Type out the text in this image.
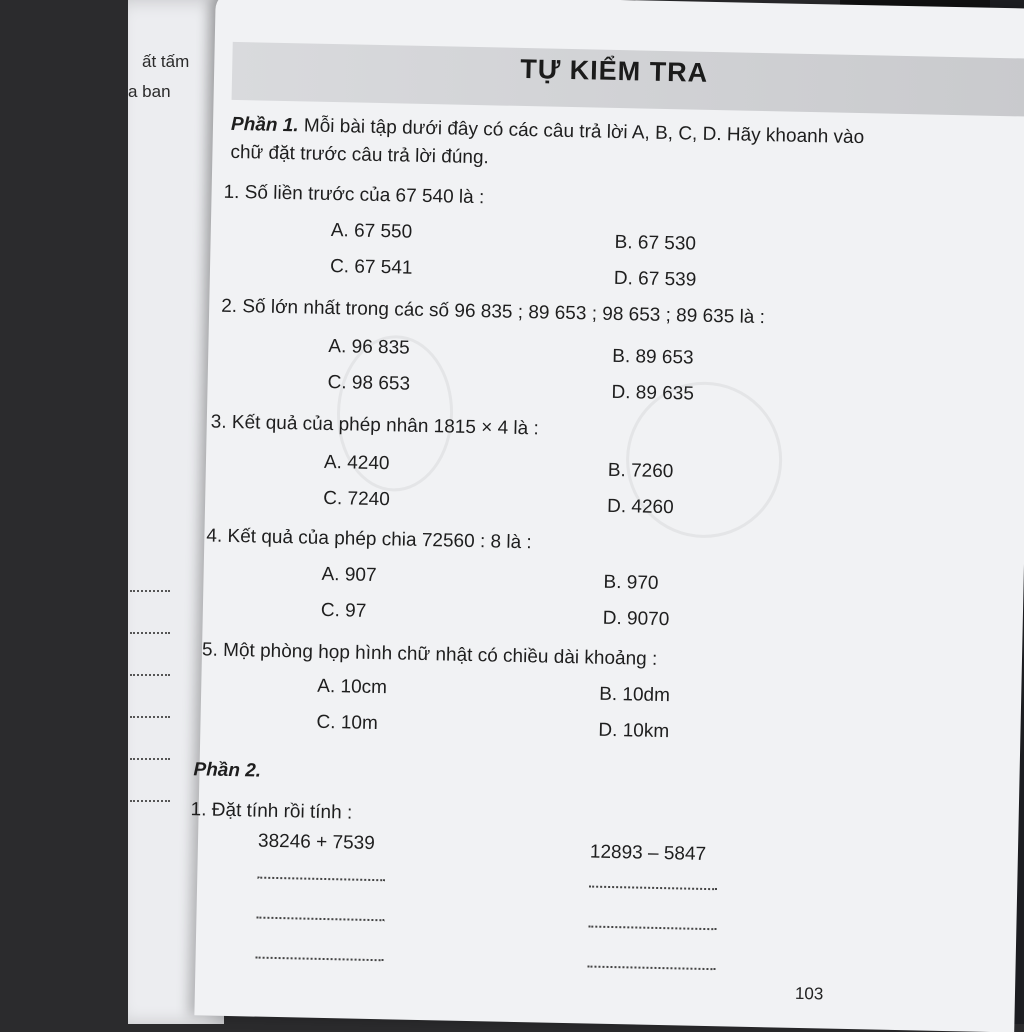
ất tấm
a ban
TỰ KIỂM TRA
Phần 1. Mỗi bài tập dưới đây có các câu trả lời A, B, C, D. Hãy khoanh vào
chữ đặt trước câu trả lời đúng.
1. Số liền trước của 67 540 là :
A. 67 550
B. 67 530
C. 67 541
D. 67 539
2. Số lớn nhất trong các số 96 835 ; 89 653 ; 98 653 ; 89 635 là :
A. 96 835	B. 89 653
C. 98 653	D. 89 635
3. Kết quả của phép nhân 1815 × 4 là :
A. 4240	B. 7260
C. 7240	D. 4260
4. Kết quả của phép chia 72560 : 8 là :
A. 907	B. 970
C. 97	D. 9070
5. Một phòng họp hình chữ nhật có chiều dài khoảng :
A. 10cm	B. 10dm
C. 10m	D. 10km
Phần 2.
1. Đặt tính rồi tính :
38246 + 7539	12893 – 5847
103
